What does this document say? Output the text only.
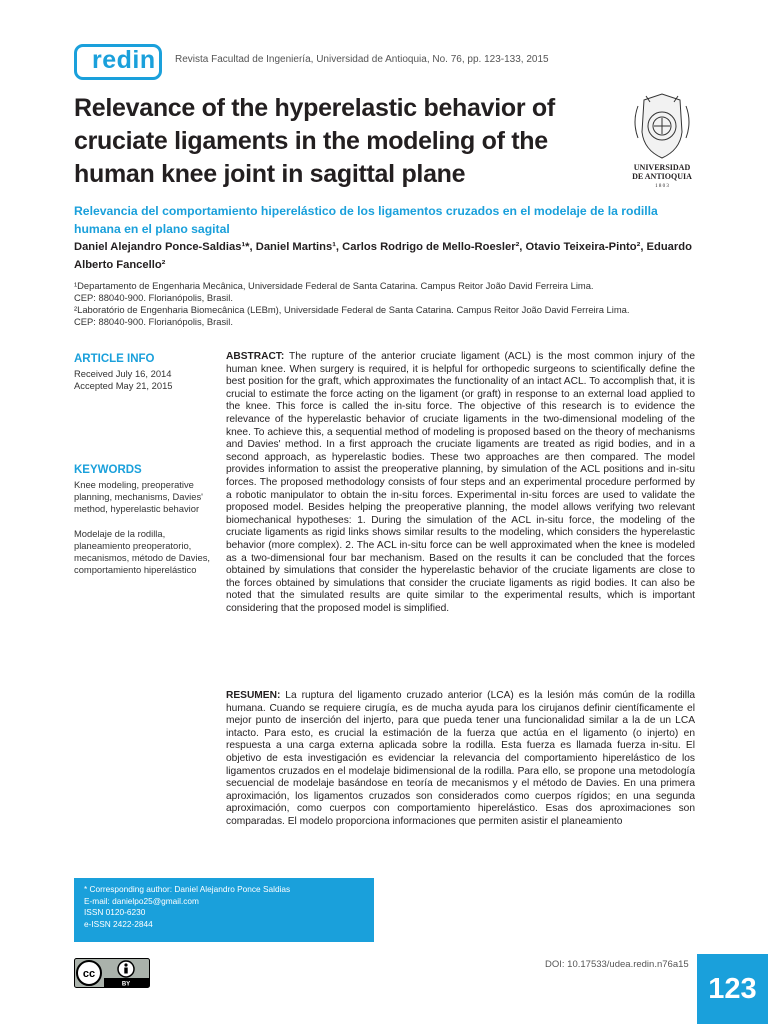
redin Revista Facultad de Ingeniería, Universidad de Antioquia, No. 76, pp. 123-133, 2015
Relevance of the hyperelastic behavior of cruciate ligaments in the modeling of the human knee joint in sagittal plane	UNIVERSIDAD
DE ANTIOQUIA
1 8 0 3
Relevancia del comportamiento hiperelástico de los ligamentos cruzados en el modelaje de la rodilla humana en el plano sagital
Daniel Alejandro Ponce-Saldias¹*, Daniel Martins¹, Carlos Rodrigo de Mello-Roesler², Otavio Teixeira-Pinto², Eduardo Alberto Fancello²
¹Departamento de Engenharia Mecânica, Universidade Federal de Santa Catarina. Campus Reitor João David Ferreira Lima.
CEP: 88040-900. Florianópolis, Brasil.
²Laboratório de Engenharia Biomecânica (LEBm), Universidade Federal de Santa Catarina. Campus Reitor João David Ferreira Lima.
CEP: 88040-900. Florianópolis, Brasil.
ARTICLE INFO
Received July 16, 2014
Accepted May 21, 2015
KEYWORDS
Knee modeling, preoperative planning, mechanisms, Davies' method, hyperelastic behavior
Modelaje de la rodilla, planeamiento preoperatorio, mecanismos, método de Davies, comportamiento hiperelástico
ABSTRACT: The rupture of the anterior cruciate ligament (ACL) is the most common injury of the human knee. When surgery is required, it is helpful for orthopedic surgeons to scientifically define the best position for the graft, which approximates the functionality of an intact ACL. To accomplish that, it is crucial to estimate the force acting on the ligament (or graft) in response to an external load applied to the knee. This force is called the in-situ force. The objective of this research is to evidence the relevance of the hyperelastic behavior of cruciate ligaments in the two-dimensional modeling of the knee. To achieve this, a sequential method of modeling is proposed based on the theory of mechanisms and Davies' method. In a first approach the cruciate ligaments are treated as rigid bodies, and in a second approach, as hyperelastic bodies. These two approaches are then compared. The model provides information to assist the preoperative planning, by simulation of the ACL positions and in-situ forces. The proposed methodology consists of four steps and an experimental procedure performed by a robotic manipulator to obtain the in-situ forces. Experimental in-situ forces are used to validate the proposed model. Besides helping the preoperative planning, the model allows verifying two relevant biomechanical hypotheses: 1. During the simulation of the ACL in-situ force, the modeling of the cruciate ligaments as rigid links shows similar results to the modeling, which considers the hyperelastic behavior (more complex). 2. The ACL in-situ force can be well approximated when the knee is modeled as a two-dimensional four bar mechanism. Based on the results it can be concluded that the forces obtained by simulations that consider the hyperelastic behavior of the cruciate ligaments are close to the forces obtained by simulations that consider the cruciate ligaments as rigid bodies. It can also be noted that the simulated results are quite similar to the experimental results, which is important considering that the proposed model is simplified.
RESUMEN: La ruptura del ligamento cruzado anterior (LCA) es la lesión más común de la rodilla humana. Cuando se requiere cirugía, es de mucha ayuda para los cirujanos definir científicamente el mejor punto de inserción del injerto, para que pueda tener una funcionalidad similar a la de un LCA intacto. Para esto, es crucial la estimación de la fuerza que actúa en el ligamento (o injerto) en respuesta a una carga externa aplicada sobre la rodilla. Esta fuerza es llamada fuerza in-situ. El objetivo de esta investigación es evidenciar la relevancia del comportamiento hiperelástico de los ligamentos cruzados en el modelaje bidimensional de la rodilla. Para ello, se propone una metodología secuencial de modelaje basándose en teoría de mecanismos y el método de Davies. En una primera aproximación, los ligamentos cruzados son considerados como cuerpos rígidos; en una segunda aproximación, como cuerpos con comportamiento hiperelástico. Esas dos aproximaciones son comparadas. El modelo proporciona informaciones que permiten asistir el planeamiento
* Corresponding author: Daniel Alejandro Ponce Saldias
E-mail: danielpo25@gmail.com
ISSN 0120-6230
e-ISSN 2422-2844
cc
BY
DOI: 10.17533/udea.redin.n76a15
123
